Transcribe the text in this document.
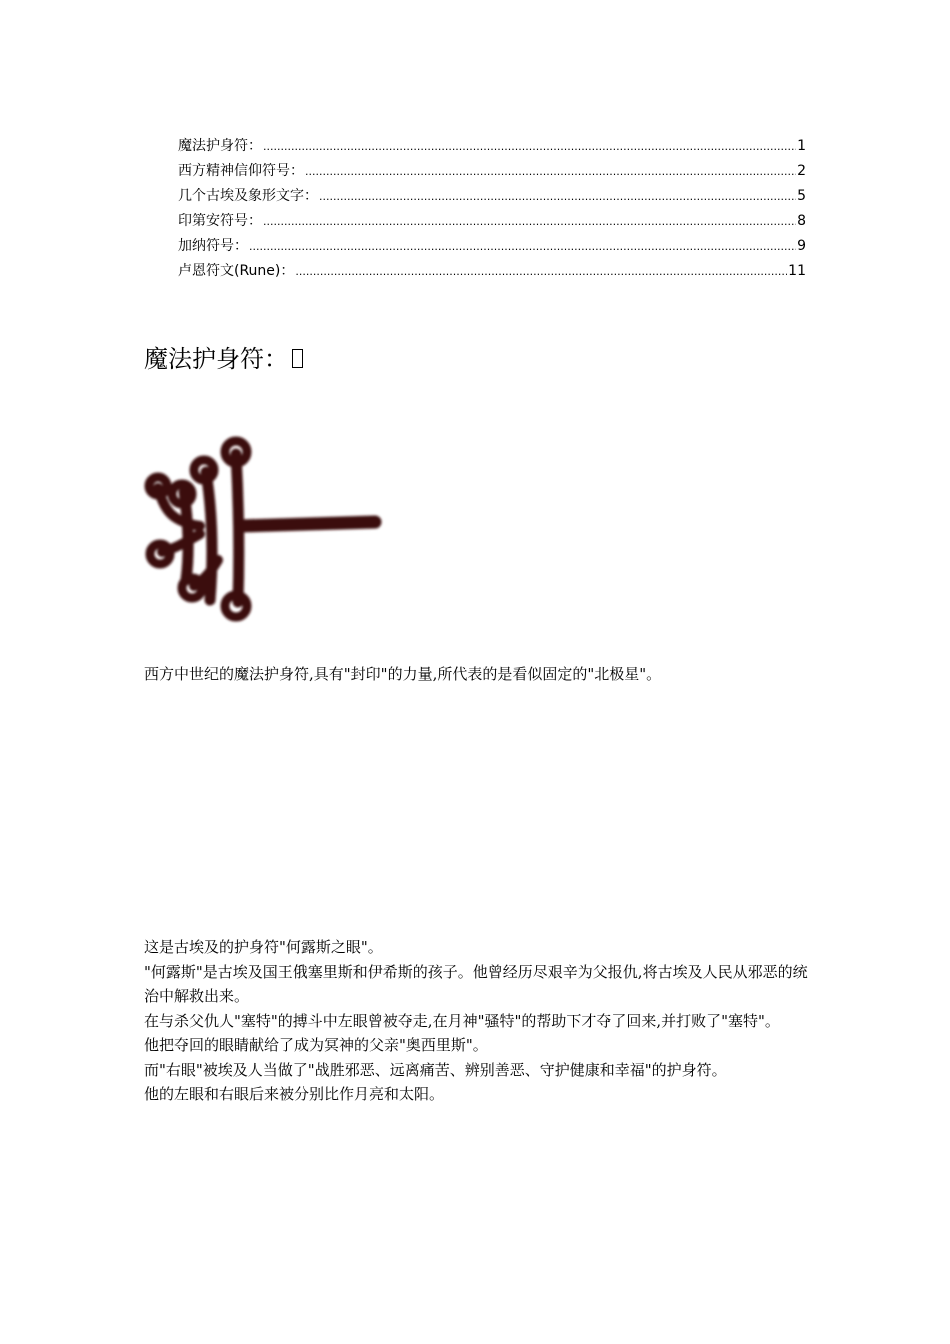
魔法护身符： .....	1
西方精神信仰符号： .....	2
几个古埃及象形文字： .....	5
印第安符号： .....	8
加纳符号： .....	9
卢恩符文(Rune)： .....	11
魔法护身符：
西方中世纪的魔法护身符,具有"封印"的力量,所代表的是看似固定的"北极星"。

这是古埃及的护身符"何露斯之眼"。

"何露斯"是古埃及国王俄塞里斯和伊希斯的孩子。他曾经历尽艰辛为父报仇,将古埃及人民从邪恶的统治中解救出来。

在与杀父仇人"塞特"的搏斗中左眼曾被夺走,在月神"骚特"的帮助下才夺了回来,并打败了"塞特"。

他把夺回的眼睛献给了成为冥神的父亲"奥西里斯"。

而"右眼"被埃及人当做了"战胜邪恶、远离痛苦、辨别善恶、守护健康和幸福"的护身符。

他的左眼和右眼后来被分别比作月亮和太阳。
